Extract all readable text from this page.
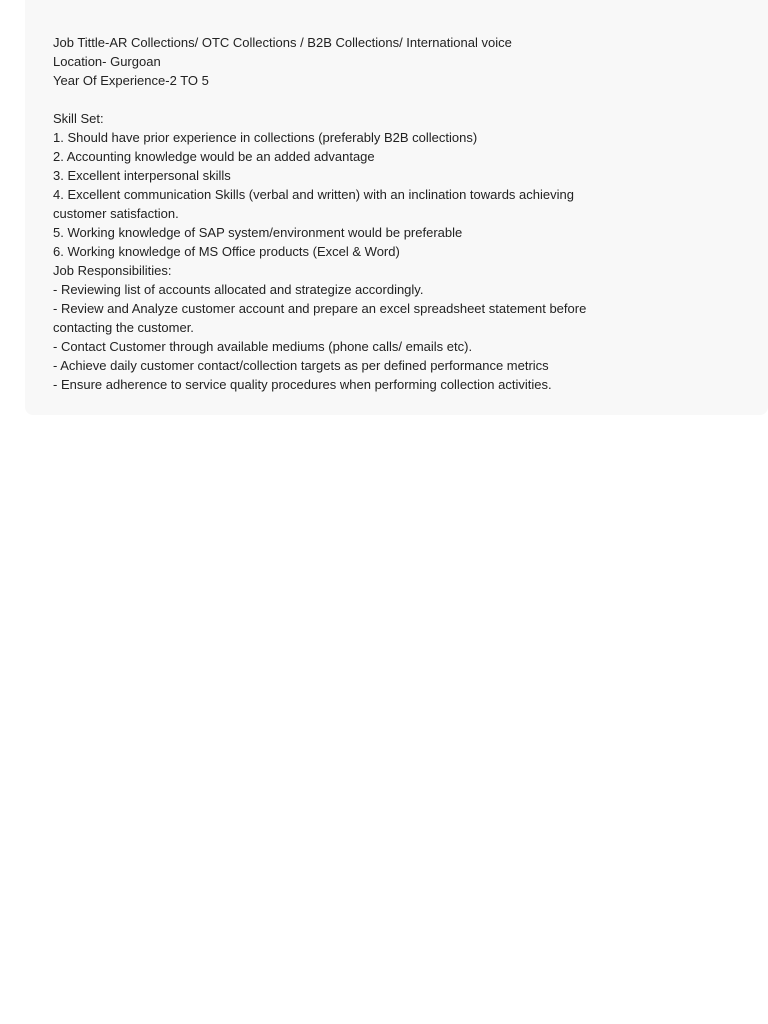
Job Tittle-AR Collections/ OTC Collections / B2B Collections/ International voice
Location- Gurgoan
Year Of Experience-2 TO 5
Skill Set:
1. Should have prior experience in collections (preferably B2B collections)
2. Accounting knowledge would be an added advantage
3. Excellent interpersonal skills
4. Excellent communication Skills (verbal and written) with an inclination towards achieving
customer satisfaction.
5. Working knowledge of SAP system/environment would be preferable
6. Working knowledge of MS Office products (Excel & Word)
Job Responsibilities:
- Reviewing list of accounts allocated and strategize accordingly.
- Review and Analyze customer account and prepare an excel spreadsheet statement before
contacting the customer.
- Contact Customer through available mediums (phone calls/ emails etc).
- Achieve daily customer contact/collection targets as per defined performance metrics
- Ensure adherence to service quality procedures when performing collection activities.
